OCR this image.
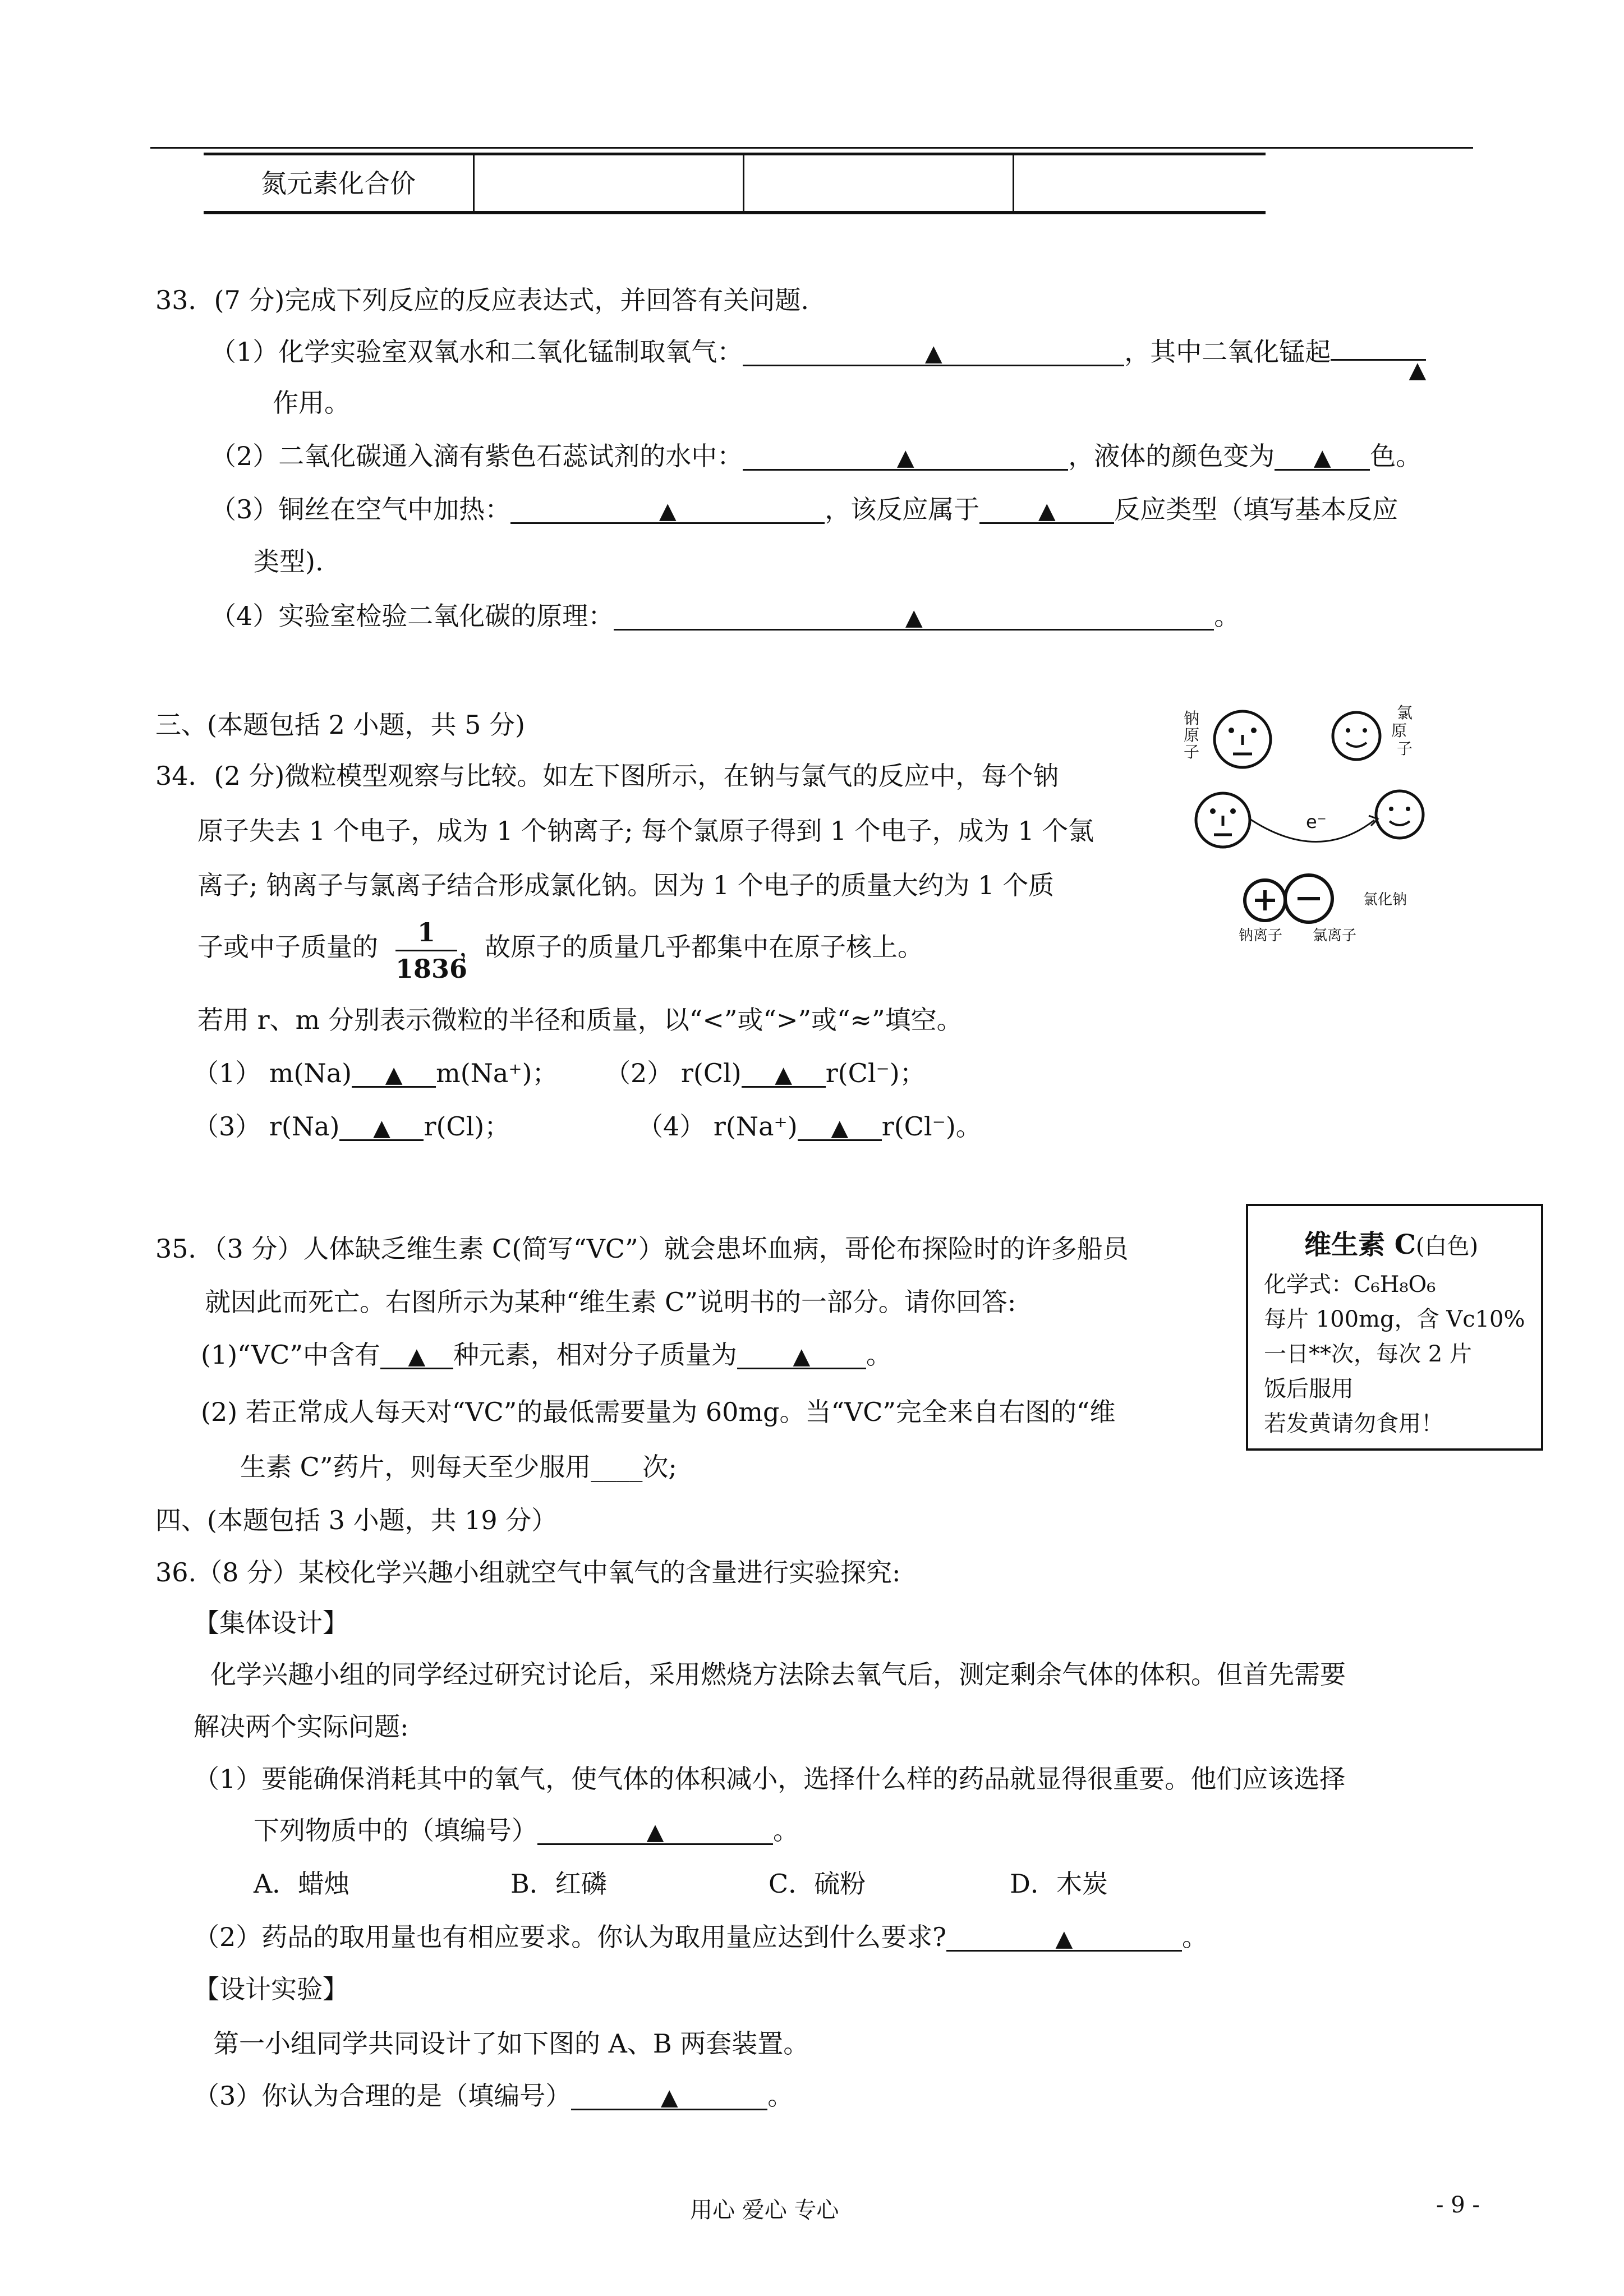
氮元素化合价			
33．(7 分)完成下列反应的反应表达式，并回答有关问题.
（1）化学实验室双氧水和二氧化锰制取氧气：	▲	，其中二氧化锰起
▲
作用。
（2）二氧化碳通入滴有紫色石蕊试剂的水中：	▲	，液体的颜色变为 ▲ 色。
（3）铜丝在空气中加热：	▲	，该反应属于	▲ 反应类型（填写基本反应
类型).
（4）实验室检验二氧化碳的原理：	▲	。
三、(本题包括 2 小题，共 5 分)
34．(2 分)微粒模型观察与比较。如左下图所示，在钠与氯气的反应中，每个钠
原子失去 1 个电子，成为 1 个钠离子; 每个氯原子得到 1 个电子，成为 1 个氯
离子; 钠离子与氯离子结合形成氯化钠。因为 1 个电子的质量大约为 1 个质
子或中子质量的 $\frac{1}{1836}$ ，故原子的质量几乎都集中在原子核上。
若用 r、m 分别表示微粒的半径和质量，以“<”或“>”或“≈”填空。
（1） m(Na) ▲ m(Na⁺)； （2） r(Cl) ▲ r(Cl⁻)；
（3） r(Na) ▲ r(Cl)；	（4） r(Na⁺) ▲ r(Cl⁻)。
钠
原
子
氯
原
子
e⁻
氯化钠
钠离子 氯离子
35．（3 分）人体缺乏维生素 C(简写“VC”）就会患坏血病，哥伦布探险时的许多船员
就因此而死亡。右图所示为某种“维生素 C”说明书的一部分。请你回答:
(1)“VC”中含有 ▲ 种元素，相对分子质量为 ▲ 。
(2) 若正常成人每天对“VC”的最低需要量为 60mg。当“VC”完全来自右图的“维
生素 C”药片，则每天至少服用____次;
维生素 C(白色)
化学式：C₆H₈O₆
每片 100mg，含 Vc10%
一日**次，每次 2 片
饭后服用
若发黄请勿食用！
四、(本题包括 3 小题，共 19 分）
36.（8 分）某校化学兴趣小组就空气中氧气的含量进行实验探究:
【集体设计】
化学兴趣小组的同学经过研究讨论后，采用燃烧方法除去氧气后，测定剩余气体的体积。但首先需要
解决两个实际问题:
（1）要能确保消耗其中的氧气，使气体的体积减小，选择什么样的药品就显得很重要。他们应该选择
下列物质中的（填编号）	▲	。
A．蜡烛	B．红磷	C．硫粉	D．木炭
（2）药品的取用量也有相应要求。你认为取用量应达到什么要求?	▲	。
【设计实验】
第一小组同学共同设计了如下图的 A、B 两套装置。
（3）你认为合理的是（填编号）	▲	。
用心 爱心 专心	- 9 -
